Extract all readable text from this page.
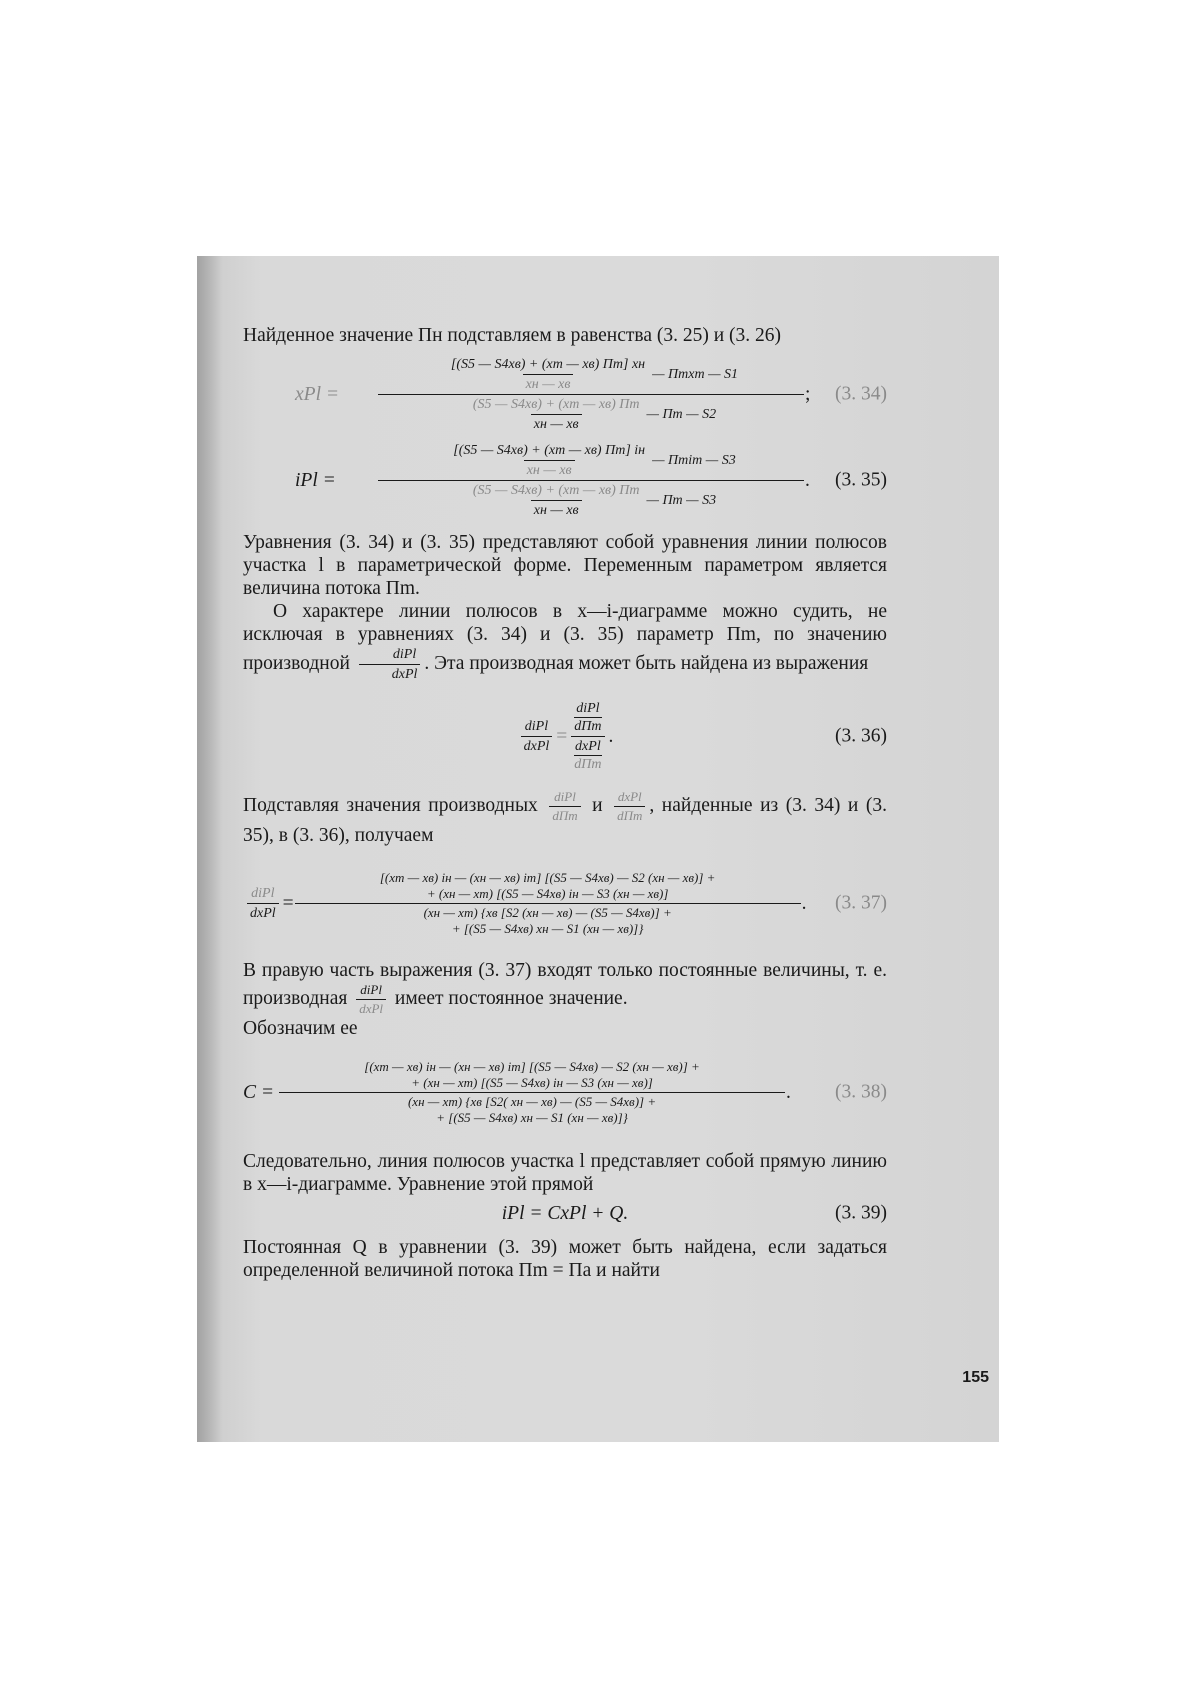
Найденное значение Пн подставляем в равенства (3. 25) и (3. 26)

xPl =
$\frac{[(S5 — S4xв) + (xm — xв) Пm] xн}{xн — xв}$ — Пmxm — S1
$\frac{(S5 — S4xв) + (xm — xв) Пm}{xн — xв}$ — Пm — S2
; (3. 34)
iPl =
$\frac{[(S5 — S4xв) + (xm — xв) Пm] iн}{xн — xв}$ — Пmim — S3
$\frac{(S5 — S4xв) + (xm — xв) Пm}{xн — xв}$ — Пm — S3
. (3. 35)

Уравнения (3. 34) и (3. 35) представляют собой уравнения линии полюсов участка l в параметрической форме. Переменным параметром является величина потока Пm.

О характере линии полюсов в x—i-диаграмме можно судить, не исключая в уравнениях (3. 34) и (3. 35) параметр Пm, по значению производной $\frac{\text{diPl}}{\text{dxPl}}$ . Эта производная может быть найдена из выражения

$\frac{\text{diPl}}{\text{dxPl}}$ = diPl
dПm
dxPl
dПm .	(3. 36)

Подставляя значения производных $\frac{\text{diPl}}{\text{dПm}}$ и $\frac{\text{dxPl}}{\text{dПm}}$ , найденные из (3. 34) и (3. 35), в (3. 36), получаем

$\frac{\text{diPl}}{\text{dxPl}}$ =
[(xm — xв) iн — (xн — xв) im] [(S5 — S4xв) — S2 (xн — xв)] +
+ (xн — xm) [(S5 — S4xв) iн — S3 (xн — xв)]
(xн — xm) {xв [S2 (xн — xв) — (S5 — S4xв)] +
+ [(S5 — S4xв) xн — S1 (xн — xв)]}
. (3. 37)

В правую часть выражения (3. 37) входят только постоянные величины, т. е. производная $\frac{\text{diPl}}{\text{dxPl}}$ имеет постоянное значение.

Обозначим ее

C =
[(xm — xв) iн — (xн — xв) im] [(S5 — S4xв) — S2 (xн — xв)] +
+ (xн — xm) [(S5 — S4xв) iн — S3 (xн — xв)]
(xн — xm) {xв [S2( xн — xв) — (S5 — S4xв)] +
+ [(S5 — S4xв) xн — S1 (xн — xв)]}
. (3. 38)

Следовательно, линия полюсов участка l представляет собой прямую линию в x—i-диаграмме. Уравнение этой прямой

iPl = CxPl + Q.	(3. 39)

Постоянная Q в уравнении (3. 39) может быть найдена, если задаться определенной величиной потока Пm = Пa и найти

155
